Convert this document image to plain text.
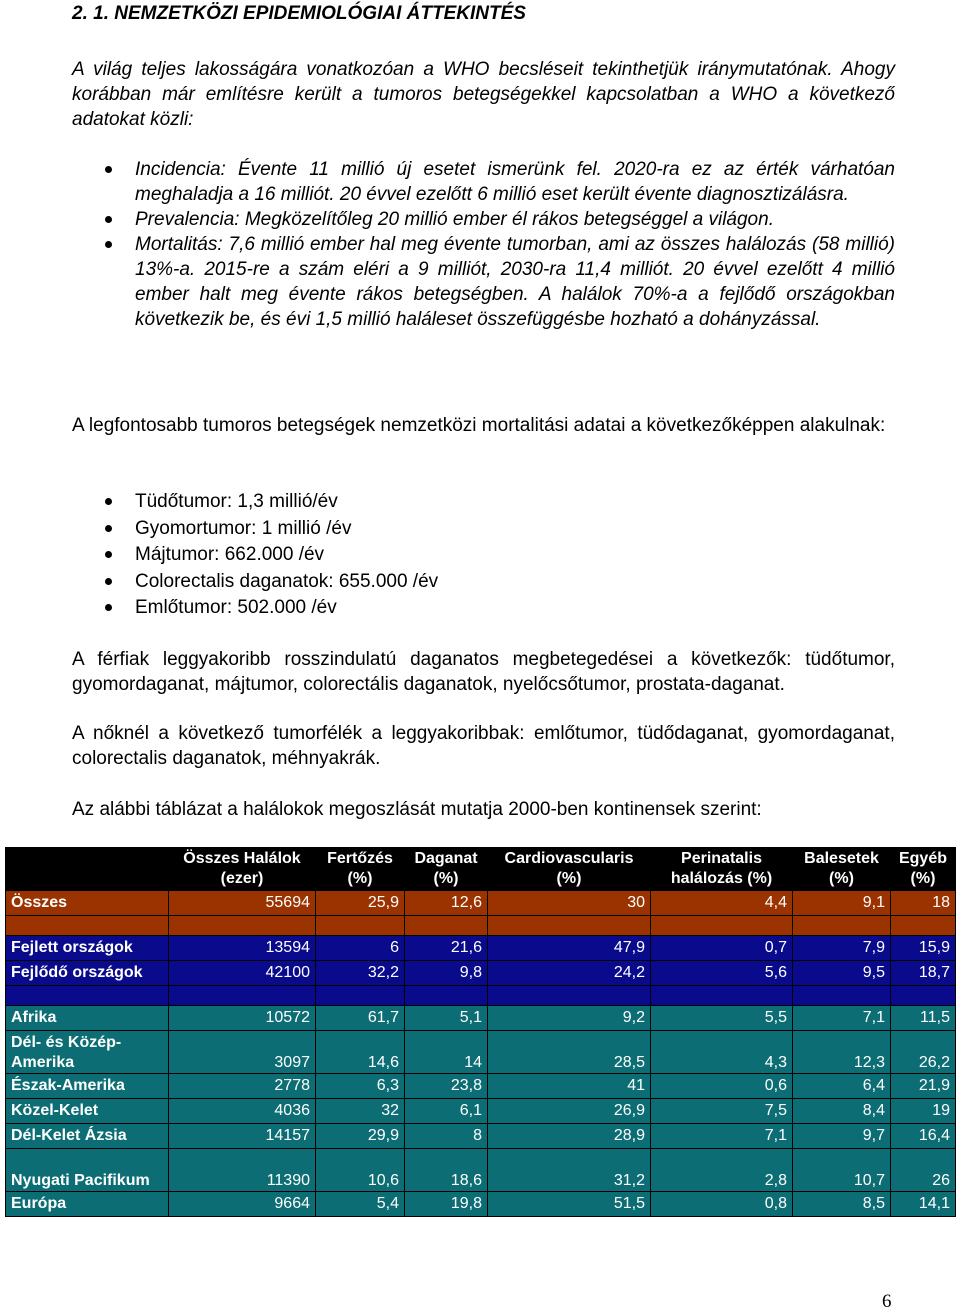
2. 1. NEMZETKÖZI EPIDEMIOLÓGIAI ÁTTEKINTÉS

A világ teljes lakosságára vonatkozóan a WHO becsléseit tekinthetjük iránymutatónak. Ahogy korábban már említésre került a tumoros betegségekkel kapcsolatban a WHO a következő adatokat közli:

Incidencia: Évente 11 millió új esetet ismerünk fel. 2020-ra ez az érték várhatóan meghaladja a 16 milliót. 20 évvel ezelőtt 6 millió eset került évente diagnosztizálásra.
Prevalencia: Megközelítőleg 20 millió ember él rákos betegséggel a világon.
Mortalitás: 7,6 millió ember hal meg évente tumorban, ami az összes halálozás (58 millió) 13%-a. 2015-re a szám eléri a 9 milliót, 2030-ra 11,4 milliót. 20 évvel ezelőtt 4 millió ember halt meg évente rákos betegségben. A halálok 70%-a a fejlődő országokban következik be, és évi 1,5 millió haláleset összefüggésbe hozható a dohányzással.

A legfontosabb tumoros betegségek nemzetközi mortalitási adatai a következőképpen alakulnak:

Tüdőtumor: 1,3 millió/év
Gyomortumor: 1 millió /év
Májtumor: 662.000 /év
Colorectalis daganatok: 655.000 /év
Emlőtumor: 502.000 /év

A férfiak leggyakoribb rosszindulatú daganatos megbetegedései a következők: tüdőtumor, gyomordaganat, májtumor, colorectális daganatok, nyelőcsőtumor, prostata-daganat.

A nőknél a következő tumorfélék a leggyakoribbak: emlőtumor, tüdődaganat, gyomordaganat, colorectalis daganatok, méhnyakrák.

Az alábbi táblázat a halálokok megoszlását mutatja 2000-ben kontinensek szerint:

	Összes Halálok (ezer)	Fertőzés (%)	Daganat (%)	Cardiovascularis (%)	Perinatalis halálozás (%)	Balesetek (%)	Egyéb (%)
Összes	55694	25,9	12,6	30	4,4	9,1	18

Fejlett országok	13594	6	21,6	47,9	0,7	7,9	15,9
Fejlődő országok	42100	32,2	9,8	24,2	5,6	9,5	18,7

Afrika	10572	61,7	5,1	9,2	5,5	7,1	11,5
Dél- és Közép-Amerika	3097	14,6	14	28,5	4,3	12,3	26,2
Észak-Amerika	2778	6,3	23,8	41	0,6	6,4	21,9
Közel-Kelet	4036	32	6,1	26,9	7,5	8,4	19
Dél-Kelet Ázsia	14157	29,9	8	28,9	7,1	9,7	16,4
Nyugati Pacifikum	11390	10,6	18,6	31,2	2,8	10,7	26
Európa	9664	5,4	19,8	51,5	0,8	8,5	14,1
6
